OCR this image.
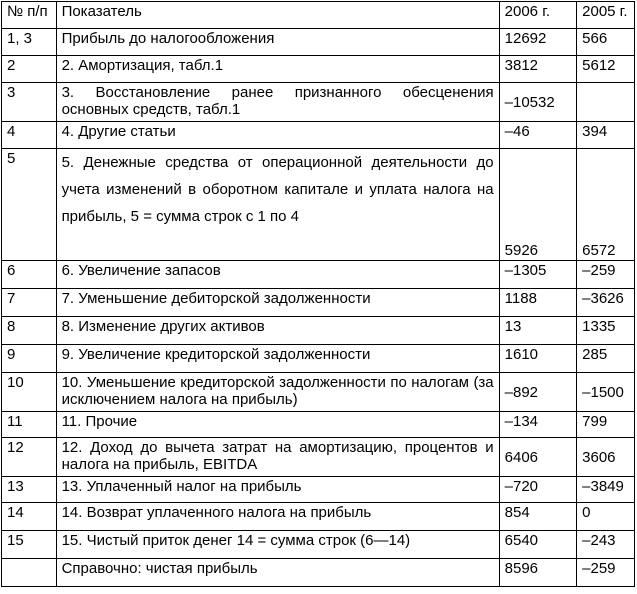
№ п/п	Показатель	2006 г.	2005 г.
1, 3	Прибыль до налогообложения	12692	566
2	2. Амортизация, табл.1	3812	5612
3	3. Восстановление ранее признанного обесценения основных средств, табл.1	–10532	
4	4. Другие статьи	–46	394
5	5. Денежные средства от операционной деятельности до учета изменений в оборотном капитале и уплата налога на прибыль, 5 = сумма строк с 1 по 4	5926	6572
6	6. Увеличение запасов	–1305	–259
7	7. Уменьшение дебиторской задолженности	1188	–3626
8	8. Изменение других активов	13	1335
9	9. Увеличение кредиторской задолженности	1610	285
10	10. Уменьшение кредиторской задолженности по налогам (за исключением налога на прибыль)	–892	–1500
11	11. Прочие	–134	799
12	12. Доход до вычета затрат на амортизацию, процентов и налога на прибыль, EBITDA	6406	3606
13	13. Уплаченный налог на прибыль	–720	–3849
14	14. Возврат уплаченного налога на прибыль	854	0
15	15. Чистый приток денег 14 = сумма строк (6—14)	6540	–243
	Справочно: чистая прибыль	8596	–259
